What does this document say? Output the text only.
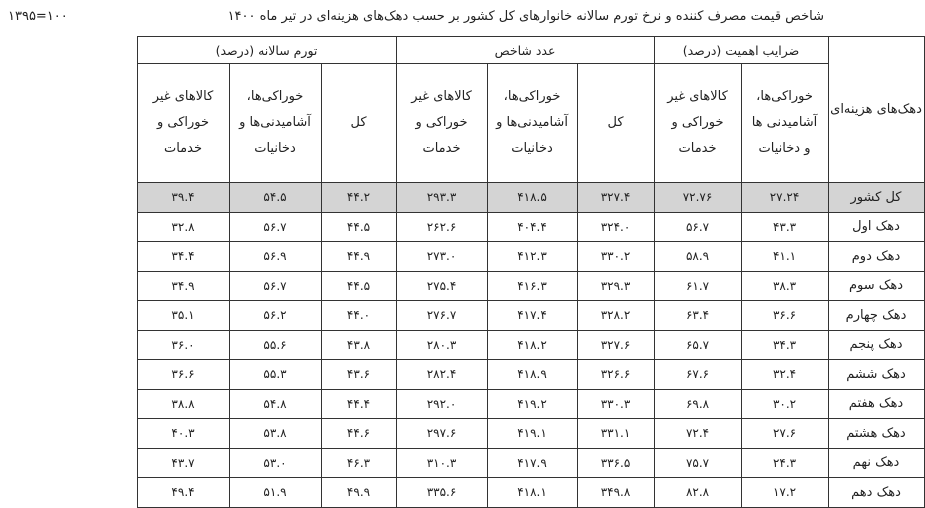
شاخص قیمت مصرف کننده و نرخ تورم سالانه خانوارهای کل کشور بر حسب دهک‌های هزینه‌ای در تیر ماه ۱۴۰۰
۱۳۹۵=۱۰۰
دهک‌های هزینه‌ای	ضرایب اهمیت (درصد)		عدد شاخص			تورم سالانه (درصد)			

	خوراکی‌ها،
آشامیدنی ها
و دخانیات	کالاهای غیر
خوراکی و
خدمات	کل	خوراکی‌ها،
آشامیدنی‌ها و
دخانیات	کالاهای غیر
خوراکی و
خدمات	کل	خوراکی‌ها،
آشامیدنی‌ها و
دخانیات	کالاهای غیر
خوراکی و
خدمات	

کل کشور	۲۷.۲۴	۷۲.۷۶	۳۲۷.۴	۴۱۸.۵	۲۹۳.۳	۴۴.۲	۵۴.۵	۳۹.۴	
دهک اول	۴۳.۳	۵۶.۷	۳۲۴.۰	۴۰۴.۴	۲۶۲.۶	۴۴.۵	۵۶.۷	۳۲.۸	
دهک دوم	۴۱.۱	۵۸.۹	۳۳۰.۲	۴۱۲.۳	۲۷۳.۰	۴۴.۹	۵۶.۹	۳۴.۴	
دهک سوم	۳۸.۳	۶۱.۷	۳۲۹.۳	۴۱۶.۳	۲۷۵.۴	۴۴.۵	۵۶.۷	۳۴.۹	
دهک چهارم	۳۶.۶	۶۳.۴	۳۲۸.۲	۴۱۷.۴	۲۷۶.۷	۴۴.۰	۵۶.۲	۳۵.۱	
دهک پنجم	۳۴.۳	۶۵.۷	۳۲۷.۶	۴۱۸.۲	۲۸۰.۳	۴۳.۸	۵۵.۶	۳۶.۰	
دهک ششم	۳۲.۴	۶۷.۶	۳۲۶.۶	۴۱۸.۹	۲۸۲.۴	۴۳.۶	۵۵.۳	۳۶.۶	
دهک هفتم	۳۰.۲	۶۹.۸	۳۳۰.۳	۴۱۹.۲	۲۹۲.۰	۴۴.۴	۵۴.۸	۳۸.۸	
دهک هشتم	۲۷.۶	۷۲.۴	۳۳۱.۱	۴۱۹.۱	۲۹۷.۶	۴۴.۶	۵۳.۸	۴۰.۳	
دهک نهم	۲۴.۳	۷۵.۷	۳۳۶.۵	۴۱۷.۹	۳۱۰.۳	۴۶.۳	۵۳.۰	۴۳.۷	
دهک دهم	۱۷.۲	۸۲.۸	۳۴۹.۸	۴۱۸.۱	۳۳۵.۶	۴۹.۹	۵۱.۹	۴۹.۴	
